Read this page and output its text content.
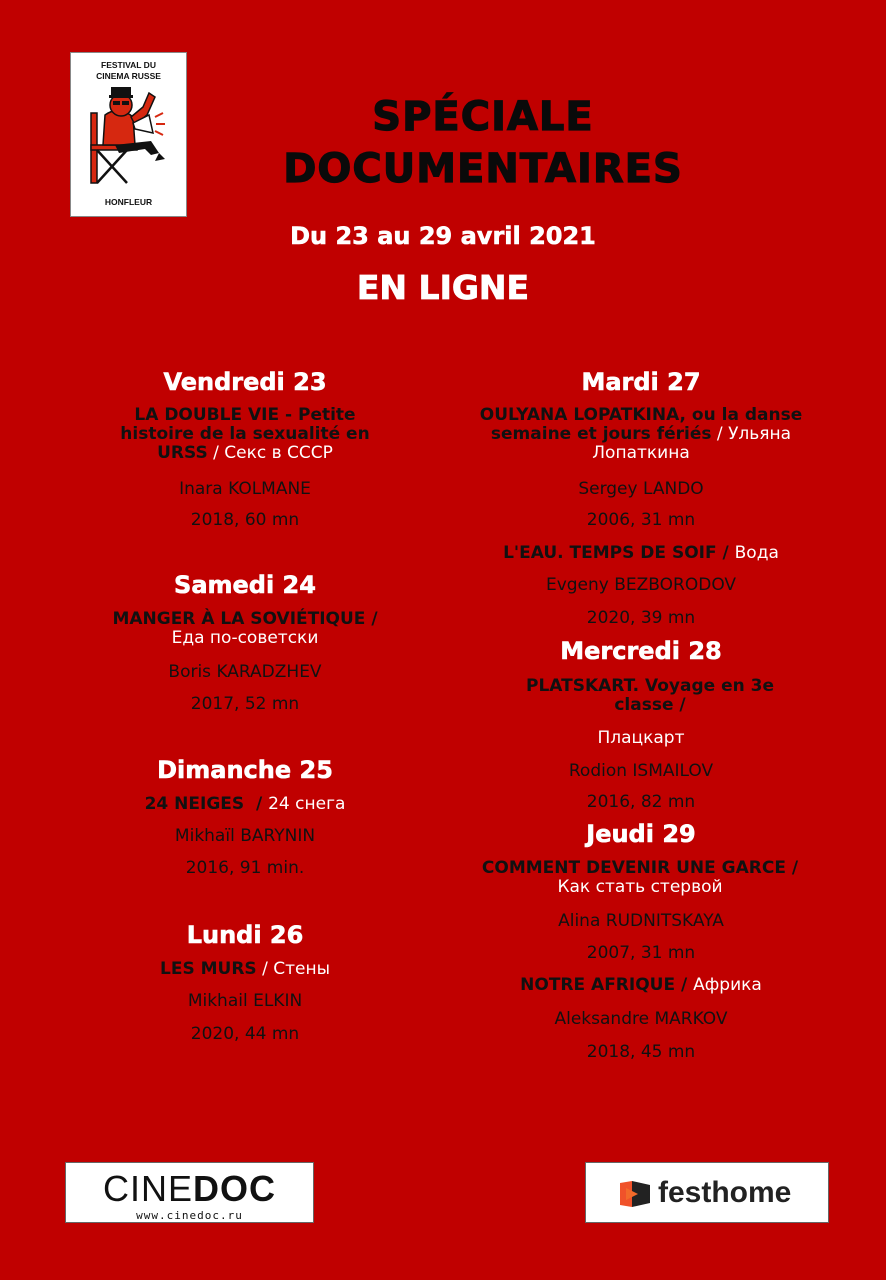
FESTIVAL DU
CINEMA RUSSE
HONFLEUR
SPÉCIALE
DOCUMENTAIRES
Du 23 au 29 avril 2021
EN LIGNE
Vendredi 23
LA DOUBLE VIE - Petite histoire de la sexualité en URSS / Секс в СССР
Inara KOLMANE
2018, 60 mn
Samedi 24
MANGER À LA SOVIÉTIQUE /
Еда по-советски
Boris KARADZHEV
2017, 52 mn
Dimanche 25
24 NEIGES  / 24 снега
Mikhaïl BARYNIN
2016, 91 min.
Lundi 26
LES MURS / Стены
Mikhail ELKIN
2020, 44 mn
Mardi 27
OULYANA LOPATKINA, ou la danse semaine et jours fériés / Ульяна Лопаткина
Sergey LANDO
2006, 31 mn
L'EAU. TEMPS DE SOIF / Вода
Evgeny BEZBORODOV
2020, 39 mn
Mercredi 28
PLATSKART. Voyage en 3e classe /
Плацкарт
Rodion ISMAILOV
2016, 82 mn
Jeudi 29
COMMENT DEVENIR UNE GARCE / Как стать стервой
Alina RUDNITSKAYA
2007, 31 mn
NOTRE AFRIQUE / Африка
Aleksandre MARKOV
2018, 45 mn
CINEDOC
www.cinedoc.ru
festhome
